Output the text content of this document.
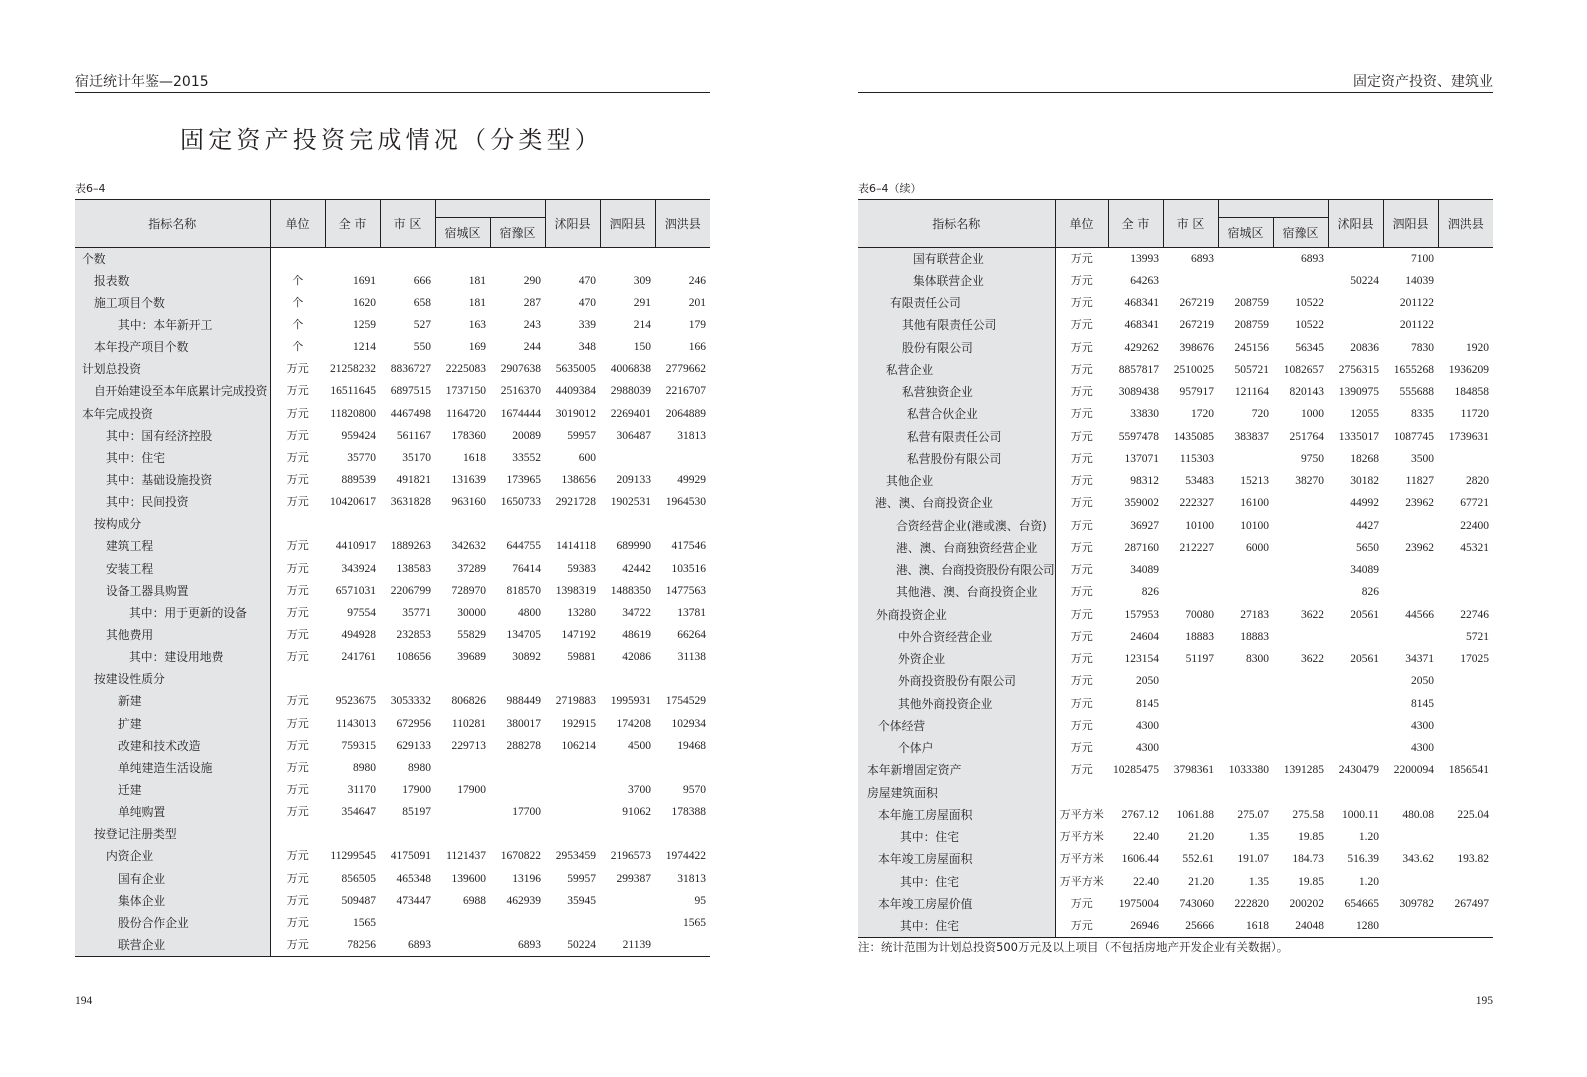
宿迁统计年鉴—2015
固定资产投资完成情况（分类型）
表6–4
指标名称	单位	全 市	市 区			沭阳县	泗阳县	泗洪县
				宿城区	宿豫区			
个数								
报表数	个	1691	666	181	290	470	309	246
施工项目个数	个	1620	658	181	287	470	291	201
其中：本年新开工	个	1259	527	163	243	339	214	179
本年投产项目个数	个	1214	550	169	244	348	150	166
计划总投资	万元	21258232	8836727	2225083	2907638	5635005	4006838	2779662
自开始建设至本年底累计完成投资	万元	16511645	6897515	1737150	2516370	4409384	2988039	2216707
本年完成投资	万元	11820800	4467498	1164720	1674444	3019012	2269401	2064889
其中：国有经济控股	万元	959424	561167	178360	20089	59957	306487	31813
其中：住宅	万元	35770	35170	1618	33552	600		
其中：基础设施投资	万元	889539	491821	131639	173965	138656	209133	49929
其中：民间投资	万元	10420617	3631828	963160	1650733	2921728	1902531	1964530
按构成分								
建筑工程	万元	4410917	1889263	342632	644755	1414118	689990	417546
安装工程	万元	343924	138583	37289	76414	59383	42442	103516
设备工器具购置	万元	6571031	2206799	728970	818570	1398319	1488350	1477563
其中：用于更新的设备	万元	97554	35771	30000	4800	13280	34722	13781
其他费用	万元	494928	232853	55829	134705	147192	48619	66264
其中：建设用地费	万元	241761	108656	39689	30892	59881	42086	31138
按建设性质分								
新建	万元	9523675	3053332	806826	988449	2719883	1995931	1754529
扩建	万元	1143013	672956	110281	380017	192915	174208	102934
改建和技术改造	万元	759315	629133	229713	288278	106214	4500	19468
单纯建造生活设施	万元	8980	8980					
迁建	万元	31170	17900	17900			3700	9570
单纯购置	万元	354647	85197		17700		91062	178388
按登记注册类型								
内资企业	万元	11299545	4175091	1121437	1670822	2953459	2196573	1974422
国有企业	万元	856505	465348	139600	13196	59957	299387	31813
集体企业	万元	509487	473447	6988	462939	35945		95
股份合作企业	万元	1565						1565
联营企业	万元	78256	6893		6893	50224	21139	
194
固定资产投资、建筑业
表6–4（续）
指标名称	单位	全 市	市 区			沭阳县	泗阳县	泗洪县
				宿城区	宿豫区			
国有联营企业	万元	13993	6893		6893		7100	
集体联营企业	万元	64263				50224	14039	
有限责任公司	万元	468341	267219	208759	10522		201122	
其他有限责任公司	万元	468341	267219	208759	10522		201122	
股份有限公司	万元	429262	398676	245156	56345	20836	7830	1920
私营企业	万元	8857817	2510025	505721	1082657	2756315	1655268	1936209
私营独资企业	万元	3089438	957917	121164	820143	1390975	555688	184858
私营合伙企业	万元	33830	1720	720	1000	12055	8335	11720
私营有限责任公司	万元	5597478	1435085	383837	251764	1335017	1087745	1739631
私营股份有限公司	万元	137071	115303		9750	18268	3500	
其他企业	万元	98312	53483	15213	38270	30182	11827	2820
港、澳、台商投资企业	万元	359002	222327	16100		44992	23962	67721
合资经营企业(港或澳、台资)	万元	36927	10100	10100		4427		22400
港、澳、台商独资经营企业	万元	287160	212227	6000		5650	23962	45321
港、澳、台商投资股份有限公司	万元	34089				34089		
其他港、澳、台商投资企业	万元	826				826		
外商投资企业	万元	157953	70080	27183	3622	20561	44566	22746
中外合资经营企业	万元	24604	18883	18883				5721
外资企业	万元	123154	51197	8300	3622	20561	34371	17025
外商投资股份有限公司	万元	2050					2050	
其他外商投资企业	万元	8145					8145	
个体经营	万元	4300					4300	
个体户	万元	4300					4300	
本年新增固定资产	万元	10285475	3798361	1033380	1391285	2430479	2200094	1856541
房屋建筑面积								
本年施工房屋面积	万平方米	2767.12	1061.88	275.07	275.58	1000.11	480.08	225.04
其中：住宅	万平方米	22.40	21.20	1.35	19.85	1.20		
本年竣工房屋面积	万平方米	1606.44	552.61	191.07	184.73	516.39	343.62	193.82
其中：住宅	万平方米	22.40	21.20	1.35	19.85	1.20		
本年竣工房屋价值	万元	1975004	743060	222820	200202	654665	309782	267497
其中：住宅	万元	26946	25666	1618	24048	1280		
注：统计范围为计划总投资500万元及以上项目（不包括房地产开发企业有关数据）。
195
